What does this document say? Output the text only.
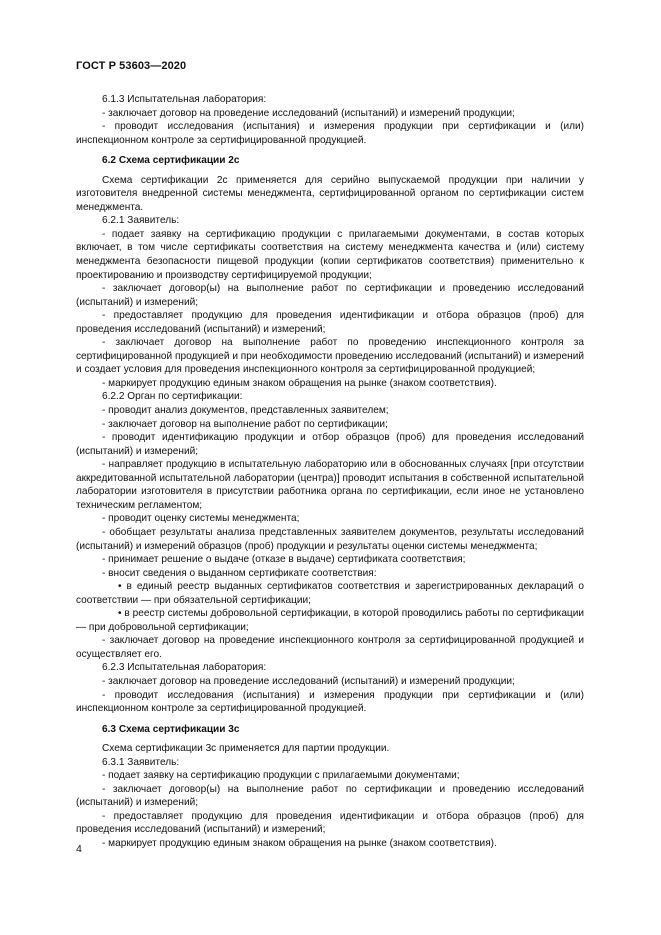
ГОСТ Р 53603—2020

6.1.3 Испытательная лаборатория:

- заключает договор на проведение исследований (испытаний) и измерений продукции;

- проводит исследования (испытания) и измерения продукции при сертификации и (или) инспекционном контроле за сертифицированной продукцией.

6.2 Схема сертификации 2с

Схема сертификации 2с применяется для серийно выпускаемой продукции при наличии у изготовителя внедренной системы менеджмента, сертифицированной органом по сертификации систем менеджмента.

6.2.1 Заявитель:

- подает заявку на сертификацию продукции с прилагаемыми документами, в состав которых включает, в том числе сертификаты соответствия на систему менеджмента качества и (или) систему менеджмента безопасности пищевой продукции (копии сертификатов соответствия) применительно к проектированию и производству сертифицируемой продукции;

- заключает договор(ы) на выполнение работ по сертификации и проведению исследований (испытаний) и измерений;

- предоставляет продукцию для проведения идентификации и отбора образцов (проб) для проведения исследований (испытаний) и измерений;

- заключает договор на выполнение работ по проведению инспекционного контроля за сертифицированной продукцией и при необходимости проведению исследований (испытаний) и измерений и создает условия для проведения инспекционного контроля за сертифицированной продукцией;

- маркирует продукцию единым знаком обращения на рынке (знаком соответствия).

6.2.2 Орган по сертификации:

- проводит анализ документов, представленных заявителем;

- заключает договор на выполнение работ по сертификации;

- проводит идентификацию продукции и отбор образцов (проб) для проведения исследований (испытаний) и измерений;

- направляет продукцию в испытательную лабораторию или в обоснованных случаях [при отсутствии аккредитованной испытательной лаборатории (центра)] проводит испытания в собственной испытательной лаборатории изготовителя в присутствии работника органа по сертификации, если иное не установлено техническим регламентом;

- проводит оценку системы менеджмента;

- обобщает результаты анализа представленных заявителем документов, результаты исследований (испытаний) и измерений образцов (проб) продукции и результаты оценки системы менеджмента;

- принимает решение о выдаче (отказе в выдаче) сертификата соответствия;

- вносит сведения о выданном сертификате соответствия:

• в единый реестр выданных сертификатов соответствия и зарегистрированных деклараций о соответствии — при обязательной сертификации;

• в реестр системы добровольной сертификации, в которой проводились работы по сертификации — при добровольной сертификации;

- заключает договор на проведение инспекционного контроля за сертифицированной продукцией и осуществляет его.

6.2.3 Испытательная лаборатория:

- заключает договор на проведение исследований (испытаний) и измерений продукции;

- проводит исследования (испытания) и измерения продукции при сертификации и (или) инспекционном контроле за сертифицированной продукцией.

6.3 Схема сертификации 3с

Схема сертификации 3с применяется для партии продукции.

6.3.1 Заявитель:

- подает заявку на сертификацию продукции с прилагаемыми документами;

- заключает договор(ы) на выполнение работ по сертификации и проведению исследований (испытаний) и измерений;

- предоставляет продукцию для проведения идентификации и отбора образцов (проб) для проведения исследований (испытаний) и измерений;

- маркирует продукцию единым знаком обращения на рынке (знаком соответствия).

4
